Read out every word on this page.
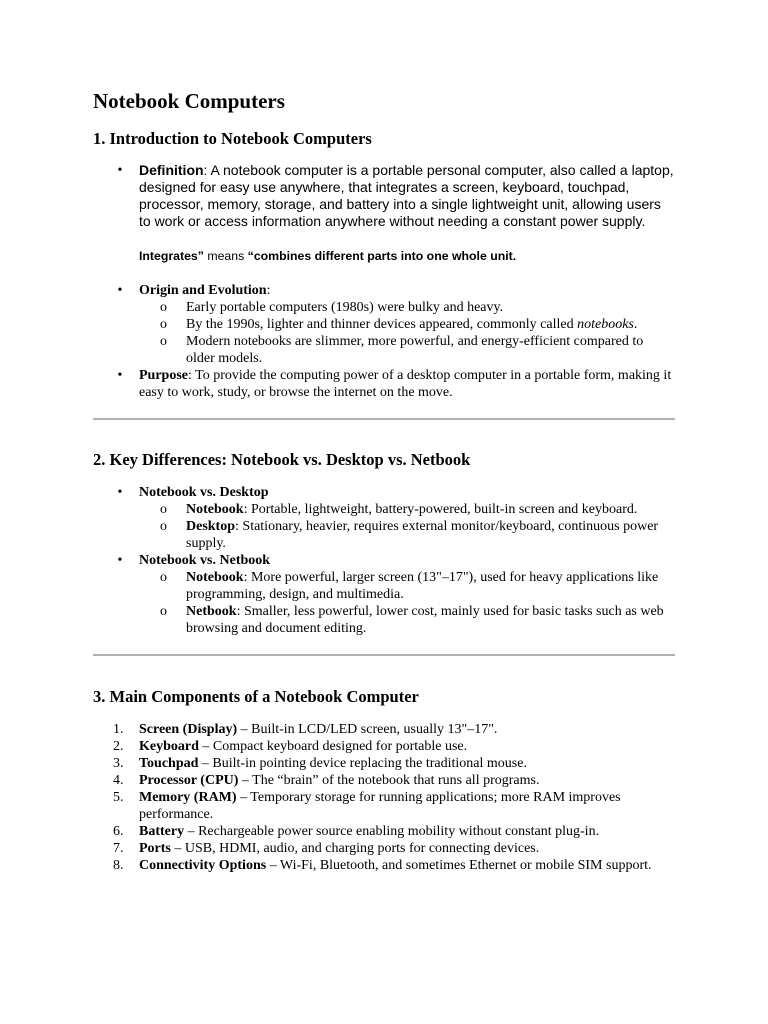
Notebook Computers
1. Introduction to Notebook Computers
• Definition: A notebook computer is a portable personal computer, also called a laptop, designed for easy use anywhere, that integrates a screen, keyboard, touchpad, processor, memory, storage, and battery into a single lightweight unit, allowing users to work or access information anywhere without needing a constant power supply.

Integrates” means “combines different parts into one whole unit.

• Origin and Evolution:
o Early portable computers (1980s) were bulky and heavy.
o By the 1990s, lighter and thinner devices appeared, commonly called notebooks.
o Modern notebooks are slimmer, more powerful, and energy-efficient compared to older models.
• Purpose: To provide the computing power of a desktop computer in a portable form, making it easy to work, study, or browse the internet on the move.
2. Key Differences: Notebook vs. Desktop vs. Netbook
• Notebook vs. Desktop
o Notebook: Portable, lightweight, battery-powered, built-in screen and keyboard.
o Desktop: Stationary, heavier, requires external monitor/keyboard, continuous power supply.
• Notebook vs. Netbook
o Notebook: More powerful, larger screen (13"–17"), used for heavy applications like programming, design, and multimedia.
o Netbook: Smaller, less powerful, lower cost, mainly used for basic tasks such as web browsing and document editing.
3. Main Components of a Notebook Computer
1.	Screen (Display) – Built-in LCD/LED screen, usually 13"–17".
2.	Keyboard – Compact keyboard designed for portable use.
3.	Touchpad – Built-in pointing device replacing the traditional mouse.
4.	Processor (CPU) – The “brain” of the notebook that runs all programs.
5.	Memory (RAM) – Temporary storage for running applications; more RAM improves performance.
6.	Battery – Rechargeable power source enabling mobility without constant plug-in.
7.	Ports – USB, HDMI, audio, and charging ports for connecting devices.
8.	Connectivity Options – Wi-Fi, Bluetooth, and sometimes Ethernet or mobile SIM support.
